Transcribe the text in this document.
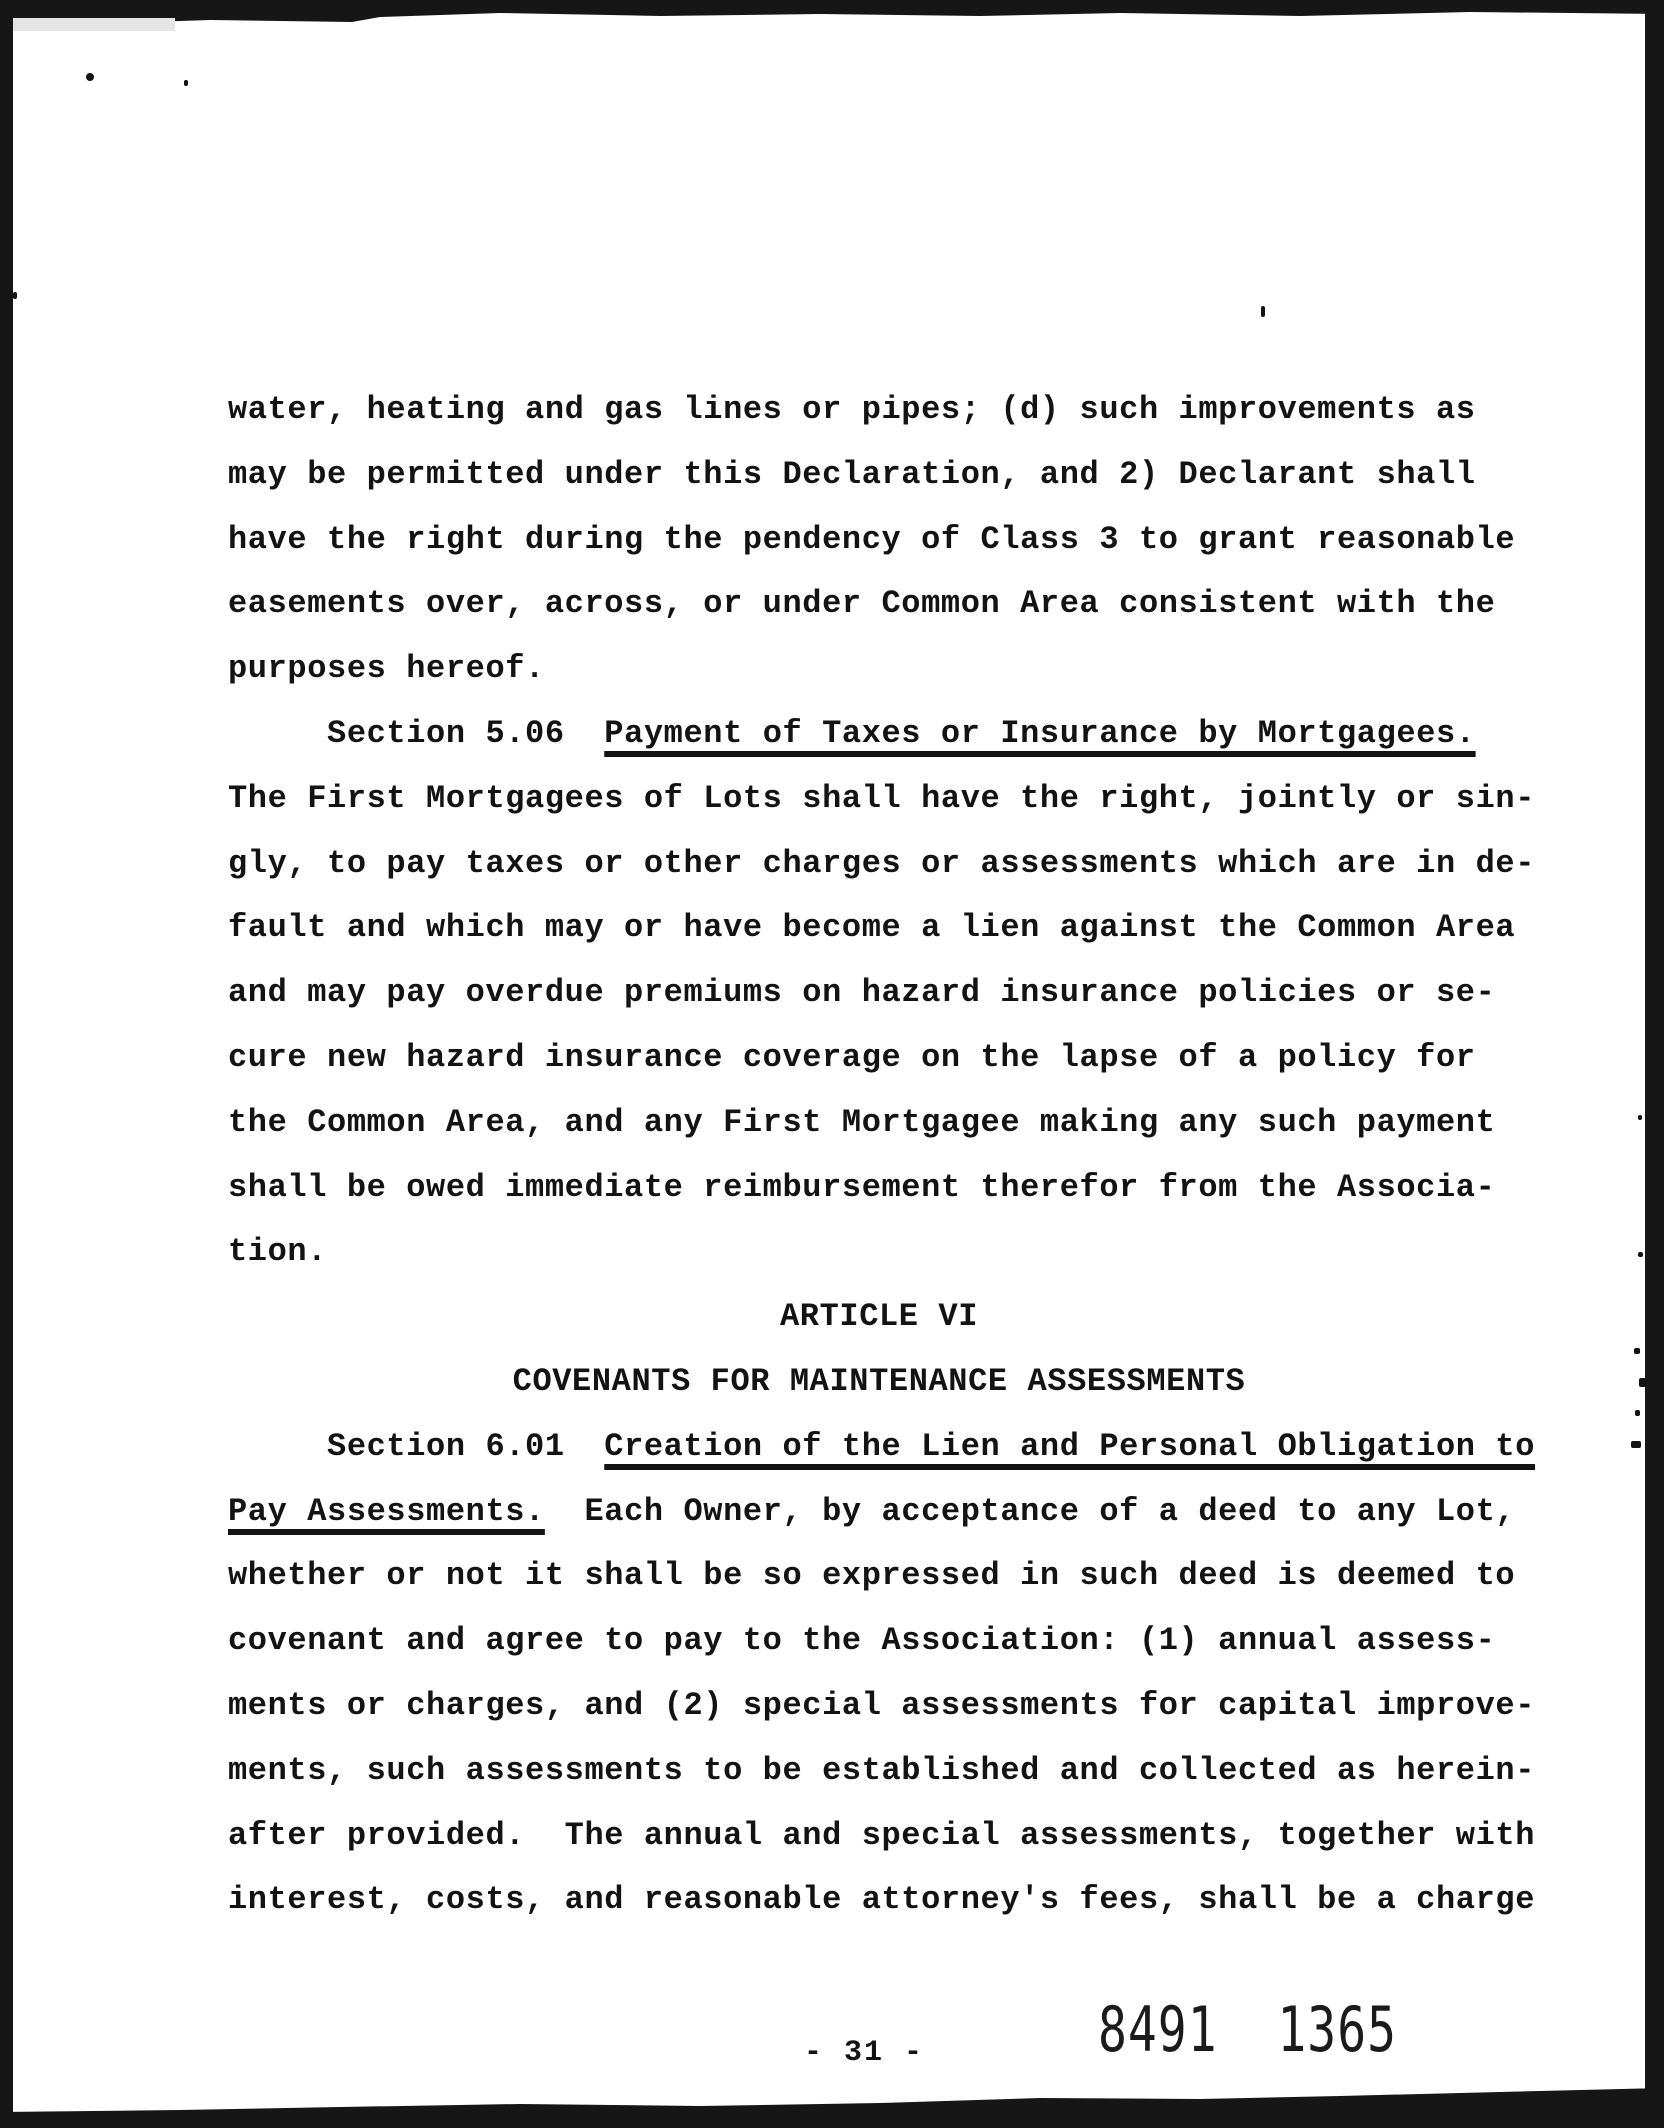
water, heating and gas lines or pipes; (d) such improvements as
may be permitted under this Declaration, and 2) Declarant shall
have the right during the pendency of Class 3 to grant reasonable
easements over, across, or under Common Area consistent with the
purposes hereof.
Section 5.06  Payment of Taxes or Insurance by Mortgagees.
The First Mortgagees of Lots shall have the right, jointly or sin-
gly, to pay taxes or other charges or assessments which are in de-
fault and which may or have become a lien against the Common Area
and may pay overdue premiums on hazard insurance policies or se-
cure new hazard insurance coverage on the lapse of a policy for
the Common Area, and any First Mortgagee making any such payment
shall be owed immediate reimbursement therefor from the Associa-
tion.
ARTICLE VI
COVENANTS FOR MAINTENANCE ASSESSMENTS
Section 6.01  Creation of the Lien and Personal Obligation to
Pay Assessments.  Each Owner, by acceptance of a deed to any Lot,
whether or not it shall be so expressed in such deed is deemed to
covenant and agree to pay to the Association: (1) annual assess-
ments or charges, and (2) special assessments for capital improve-
ments, such assessments to be established and collected as herein-
after provided.  The annual and special assessments, together with
interest, costs, and reasonable attorney's fees, shall be a charge
8491  1365
- 31 -
